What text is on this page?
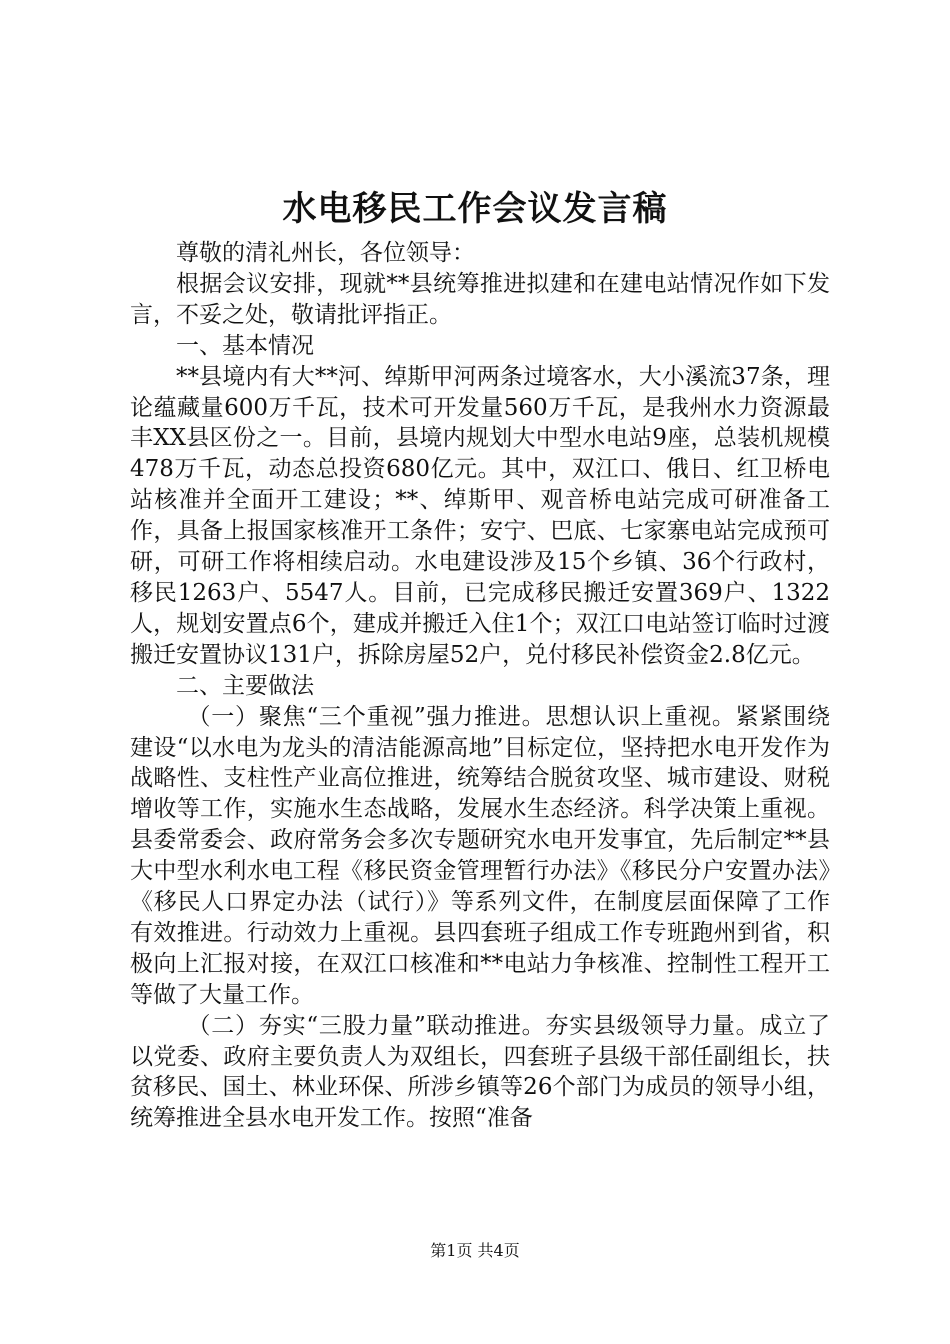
水电移民工作会议发言稿

尊敬的清礼州长，各位领导：

根据会议安排，现就**县统筹推进拟建和在建电站情况作如下发言，不妥之处，敬请批评指正。

一、基本情况

**县境内有大**河、绰斯甲河两条过境客水，大小溪流37条，理论蕴藏量600万千瓦，技术可开发量560万千瓦，是我州水力资源最丰XX县区份之一。目前，县境内规划大中型水电站9座，总装机规模478万千瓦，动态总投资680亿元。其中，双江口、俄日、红卫桥电站核准并全面开工建设；**、绰斯甲、观音桥电站完成可研准备工作，具备上报国家核准开工条件；安宁、巴底、七家寨电站完成预可研，可研工作将相续启动。水电建设涉及15个乡镇、36个行政村，移民1263户、5547人。目前，已完成移民搬迁安置369户、1322人，规划安置点6个，建成并搬迁入住1个；双江口电站签订临时过渡搬迁安置协议131户，拆除房屋52户，兑付移民补偿资金2.8亿元。

二、主要做法

（一）聚焦“三个重视”强力推进。思想认识上重视。紧紧围绕建设“以水电为龙头的清洁能源高地”目标定位，坚持把水电开发作为战略性、支柱性产业高位推进，统筹结合脱贫攻坚、城市建设、财税增收等工作，实施水生态战略，发展水生态经济。科学决策上重视。县委常委会、政府常务会多次专题研究水电开发事宜，先后制定**县大中型水利水电工程《移民资金管理暂行办法》《移民分户安置办法》《移民人口界定办法（试行）》等系列文件，在制度层面保障了工作有效推进。行动效力上重视。县四套班子组成工作专班跑州到省，积极向上汇报对接，在双江口核准和**电站力争核准、控制性工程开工等做了大量工作。

（二）夯实“三股力量”联动推进。夯实县级领导力量。成立了以党委、政府主要负责人为双组长，四套班子县级干部任副组长，扶贫移民、国土、林业环保、所涉乡镇等26个部门为成员的领导小组，统筹推进全县水电开发工作。按照“准备

第1页 共4页
